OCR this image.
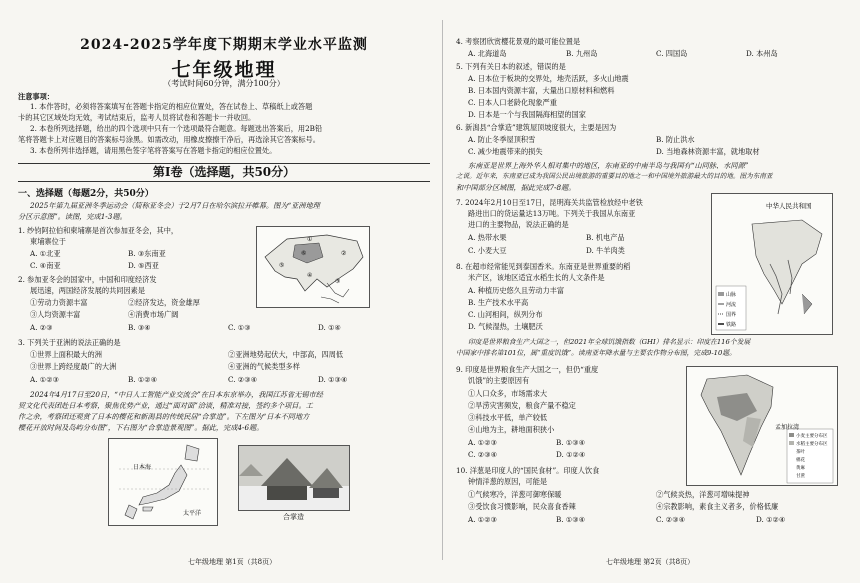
2024-2025学年度下期期末学业水平监测
七年级地理
（考试时间60分钟，满分100分）
注意事项：
1. 本作答时，必须将答案填写在答题卡指定的相应位置处，答在试卷上、草稿纸上或答题
卡的其它区域处均无效，考试结束后，监考人员将试卷和答题卡一并收回。
2. 本卷所列选择题，给出的四个选项中只有一个选项最符合题意。每题选出答案后，用2B铅
笔将答题卡上对应题目的答案标号涂黑。如需改动，用橡皮擦擦干净后，再选涂其它答案标号。
3. 本卷所列非选择题，请用黑色签字笔将答案写在答题卡指定的相应位置处。
第Ⅰ卷（选择题，共50分）
一、选择题（每题2分，共50分）
2025年第九届亚洲冬季运动会（简称亚冬会）于2月7日在哈尔滨拉开帷幕。图为“亚洲地理
分区示意图”。读图，完成1-3题。
1. 纱钧阿拉伯和柬埔寨是首次参加亚冬会，其中，
柬埔寨位于
A. ①北亚	B. ③东南亚
C. ④南亚	D. ⑤西亚
2. 参加亚冬会的国家中，中国和印度经济发
展迅速，两国经济发展的共同因素是
①劳动力资源丰富	②经济发达，资金雄厚
③人均资源丰富	④消费市场广阔
A. ②③	B. ③④	C. ①③	D. ①④
3. 下列关于亚洲的说法正确的是
①世界上面积最大的洲	②亚洲地势起伏大，中部高，四周低
③世界上跨经度最广的大洲	④亚洲的气候类型多样
A. ①②③	B. ①②④	C. ②③④	D. ①③④
2024年4月17日至20日，“中日人工智能产业交流会”在日本东京举办，我国江苏省无锡市经
贸文化代表团赴日本考察，聚焦优势产业，通过“面对面”洽谈，精准对接，签约多个项目。工
作之余，考察团还观赏了日本的樱花和新潟县的传统民居“合掌造”。下左图为“日本不同地方
樱花开放时间及岛屿分布图”，下右图为“合掌造景观图”。据此，完成4-6题。
①
②
③
④
⑤
⑥
日本海
太平洋	合掌造
七年级地理 第1页（共8页）
4. 考察团欣赏樱花景观的最可能位置是
A. 北海道岛	B. 九州岛	C. 四国岛	D. 本州岛
5. 下列有关日本的叙述，错误的是
A. 日本位于板块的交界处，地壳活跃，多火山地震
B. 日本国内资源丰富，大量出口原材料和燃料
C. 日本人口老龄化现象严重
D. 日本是一个与我国隔海相望的国家
6. 新潟县“合掌造”建筑屋顶坡度很大，主要是因为
A. 防止冬季屋顶积雪	B. 防止洪水
C. 减少地震带来的损失	D. 当地森林资源丰富，就地取材
东南亚是世界上海外华人相对集中的地区，东南亚的中南半岛与我国有“山同脉、水同源”
之说。近年来，东南亚已成为我国公民出境旅游的重要目的地之一和中国境外旅游最大的目的地。图为东南亚
和中国部分区域图，据此完成7-8题。
7. 2024年2月10日至17日，昆明海关共监管检放经中老铁
路进出口的货运量达13万吨。下列关于我国从东南亚
进口的主要物品，说法正确的是
A. 热带水果	B. 机电产品
C. 小麦大豆	D. 牛羊肉类
8. 在超市经常能见到泰国香米。东南亚是世界重要的稻
米产区，该地区适宜水稻生长的人文条件是
A. 种植历史悠久且劳动力丰富
B. 生产技术水平高
C. 山河相间，纵列分布
D. 气候湿热，土壤肥沃
印度是世界粮食生产大国之一，但2021年全球饥饿指数（GHI）排名显示：印度在116个发展
中国家中排名第101位，属“重度饥饿”。读南亚年降水量与主要农作物分布图，完成9-10题。
9. 印度是世界粮食生产大国之一，但仍“重度
饥饿”的主要原因有
①人口众多，市场需求大
②旱涝灾害频发，粮食产量不稳定
③科技水平低，单产较低
④山地为主，耕地面积狭小
A. ①②③	B. ①③④
C. ②③④	D. ①②④
10. 洋葱是印度人的“国民食材”。印度人饮食
钟情洋葱的原因，可能是
①气候寒冷，洋葱可御寒保暖	②气候炎热，洋葱可增味提神
③受饮食习惯影响，民众喜食香辣	④宗教影响，素食主义者多，价格低廉
A. ①②③	B. ①③④	C. ②③④	D. ①②④
中华人民共和国
山脉
河流
国界
铁路
孟加拉湾
小麦主要分布区
水稻主要分布区
茶叶
棉花
黄麻
甘蔗
七年级地理 第2页（共8页）
